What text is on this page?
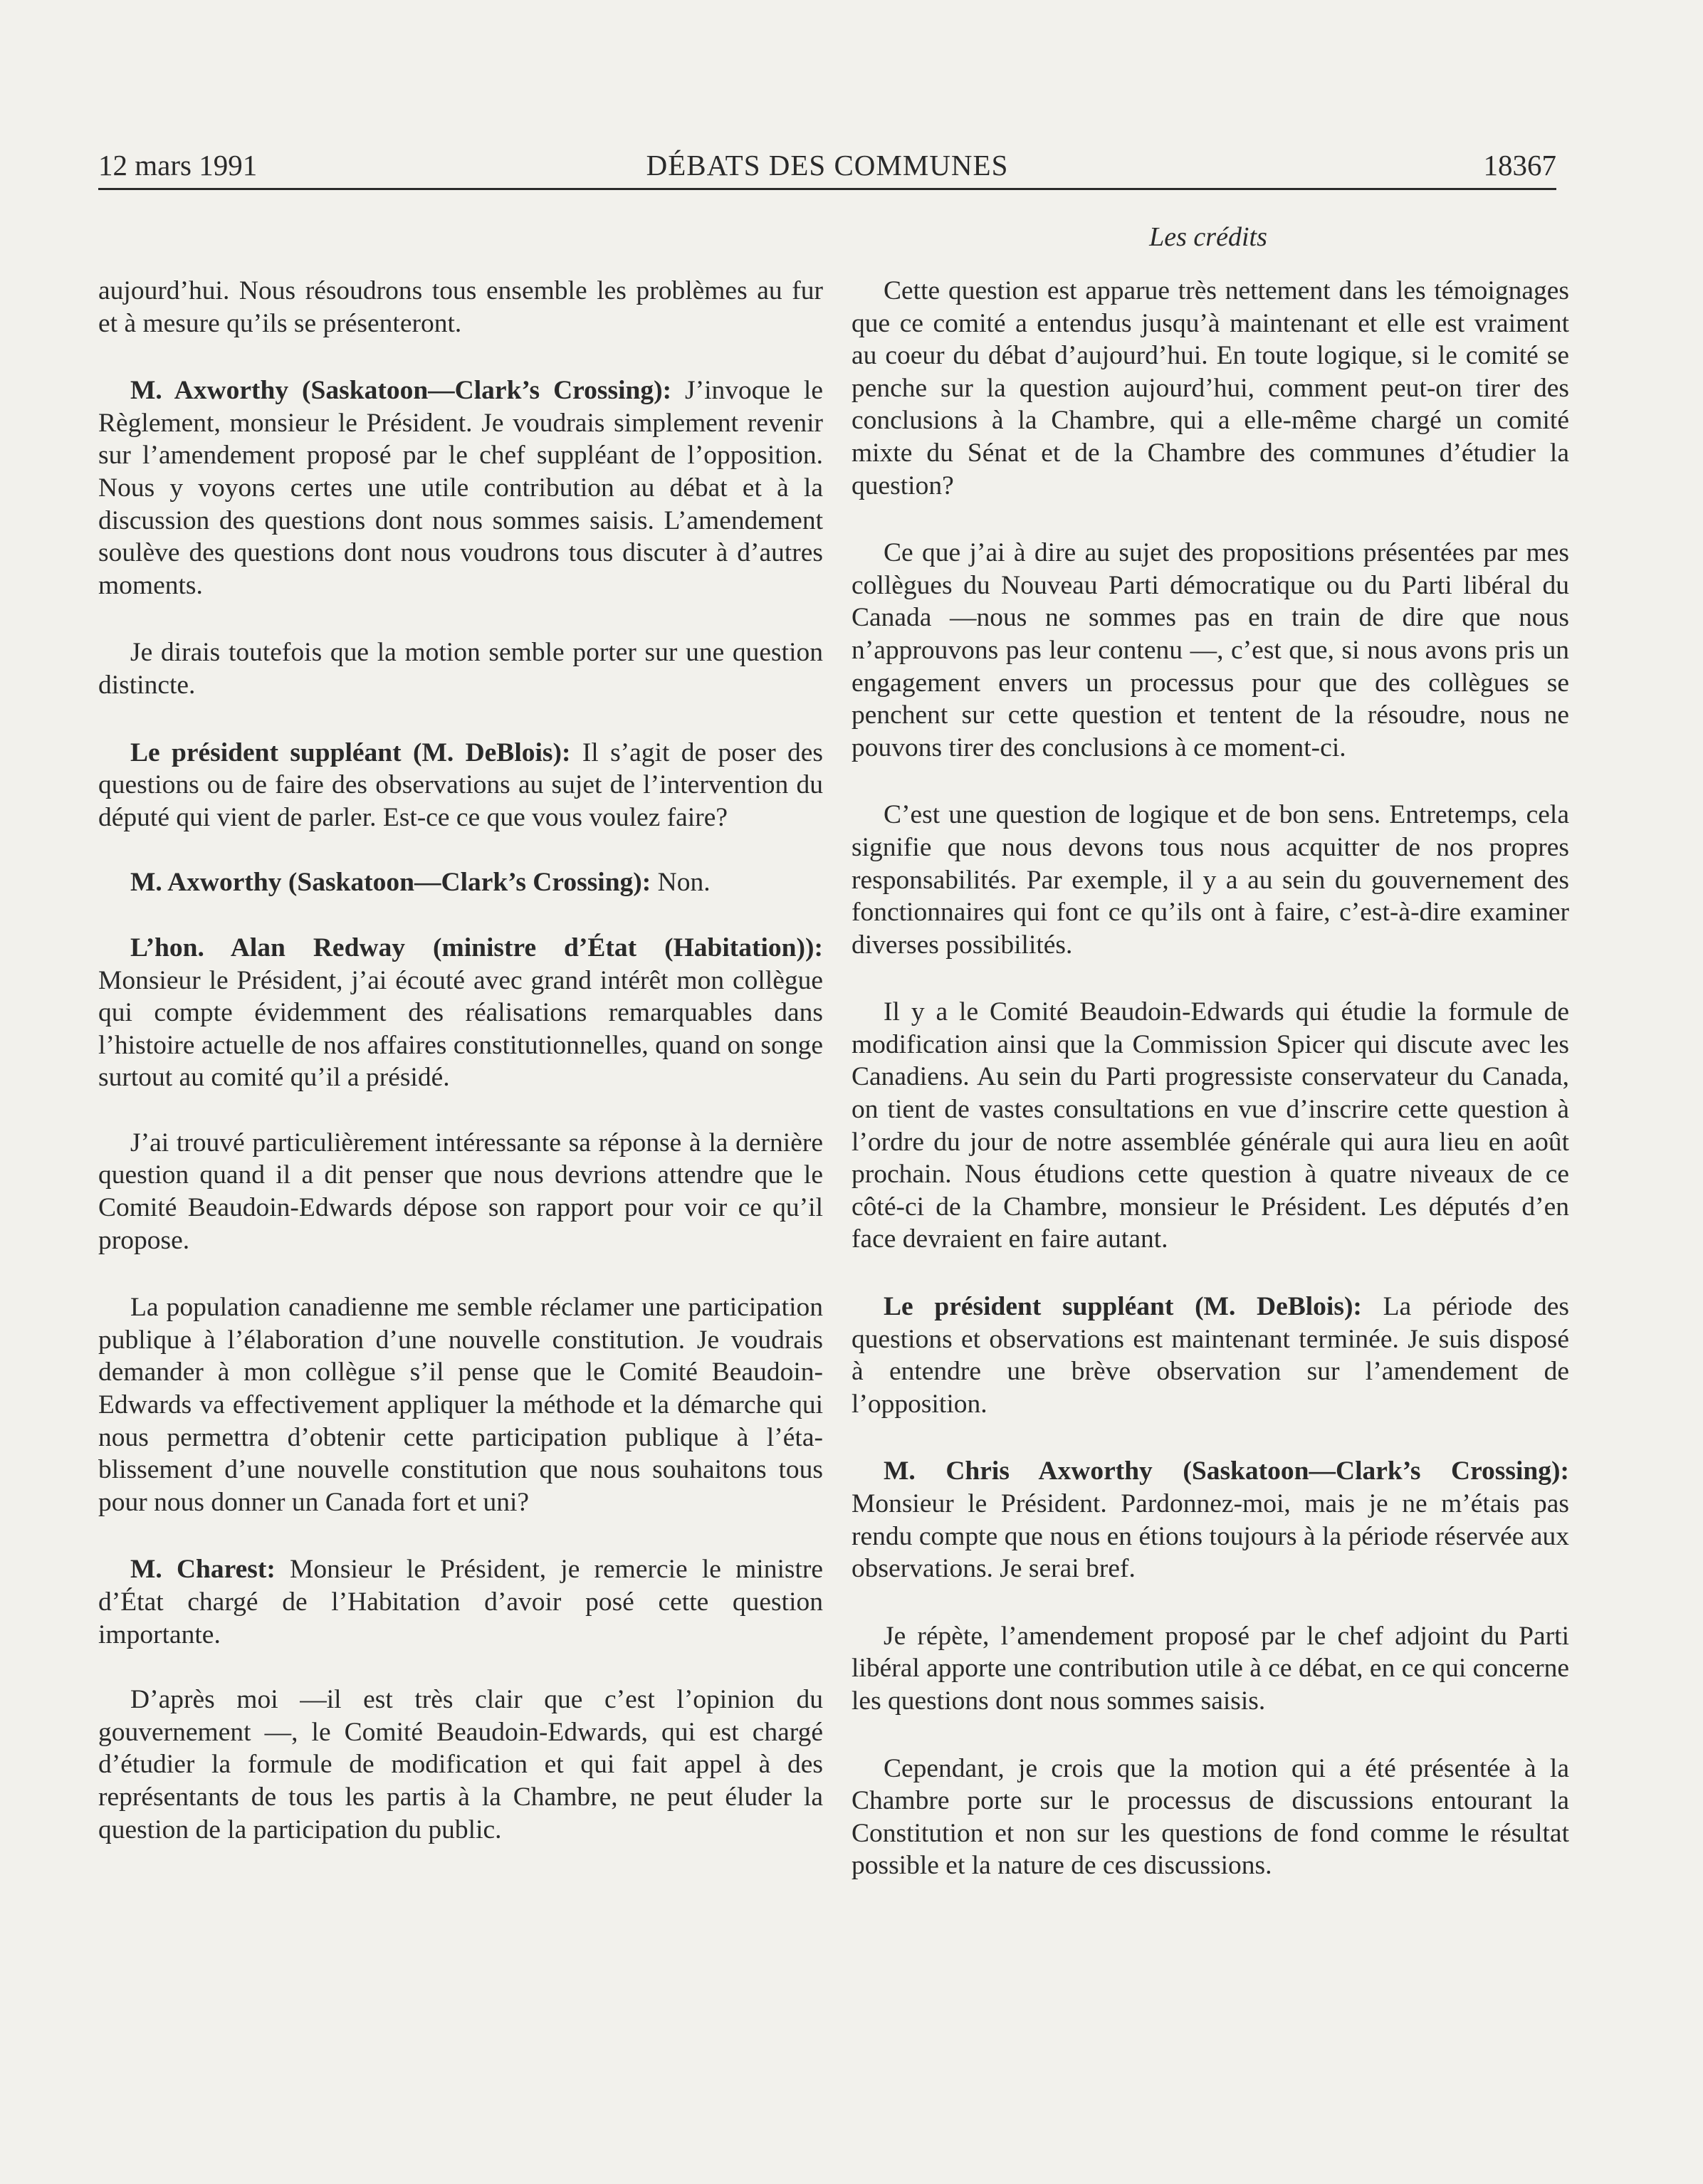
12 mars 1991	DÉBATS DES COMMUNES	18367
Les crédits

aujourd’hui. Nous résoudrons tous ensemble les problèmes au fur et à mesure qu’ils se présenteront.

M. Axworthy (Saskatoon—Clark’s Crossing): J’invoque le Règlement, monsieur le Président. Je voudrais simplement revenir sur l’amendement proposé par le chef suppléant de l’opposition. Nous y voyons certes une utile contribution au débat et à la discussion des questions dont nous sommes saisis. L’amendement soulève des questions dont nous voudrons tous discuter à d’autres moments.

Je dirais toutefois que la motion semble porter sur une question distincte.

Le président suppléant (M. DeBlois): Il s’agit de poser des questions ou de faire des observations au sujet de l’intervention du député qui vient de parler. Est-ce ce que vous voulez faire?

M. Axworthy (Saskatoon—Clark’s Crossing): Non.

L’hon. Alan Redway (ministre d’État (Habitation)): Monsieur le Président, j’ai écouté avec grand intérêt mon collègue qui compte évidemment des réalisations remarquables dans l’histoire actuelle de nos affaires constitutionnelles, quand on songe surtout au comité qu’il a présidé.

J’ai trouvé particulièrement intéressante sa réponse à la dernière question quand il a dit penser que nous devrions attendre que le Comité Beaudoin-Edwards dépose son rapport pour voir ce qu’il propose.

La population canadienne me semble réclamer une participation publique à l’élaboration d’une nouvelle constitution. Je voudrais demander à mon collègue s’il pense que le Comité Beaudoin-Edwards va effectivement appliquer la méthode et la démarche qui nous permettra d’obtenir cette participation publique à l’établissement d’une nouvelle constitution que nous souhaitons tous pour nous donner un Canada fort et uni?

M. Charest: Monsieur le Président, je remercie le ministre d’État chargé de l’Habitation d’avoir posé cette question importante.

D’après moi —il est très clair que c’est l’opinion du gouvernement —, le Comité Beaudoin-Edwards, qui est chargé d’étudier la formule de modification et qui fait appel à des représentants de tous les partis à la Chambre, ne peut éluder la question de la participation du public.

Cette question est apparue très nettement dans les témoignages que ce comité a entendus jusqu’à maintenant et elle est vraiment au coeur du débat d’aujourd’hui. En toute logique, si le comité se penche sur la question aujourd’hui, comment peut-on tirer des conclusions à la Chambre, qui a elle-même chargé un comité mixte du Sénat et de la Chambre des communes d’étudier la question?

Ce que j’ai à dire au sujet des propositions présentées par mes collègues du Nouveau Parti démocratique ou du Parti libéral du Canada —nous ne sommes pas en train de dire que nous n’approuvons pas leur contenu —, c’est que, si nous avons pris un engagement envers un processus pour que des collègues se penchent sur cette question et tentent de la résoudre, nous ne pouvons tirer des conclusions à ce moment-ci.

C’est une question de logique et de bon sens. Entretemps, cela signifie que nous devons tous nous acquitter de nos propres responsabilités. Par exemple, il y a au sein du gouvernement des fonctionnaires qui font ce qu’ils ont à faire, c’est-à-dire examiner diverses possibilités.

Il y a le Comité Beaudoin-Edwards qui étudie la formule de modification ainsi que la Commission Spicer qui discute avec les Canadiens. Au sein du Parti progressiste conservateur du Canada, on tient de vastes consultations en vue d’inscrire cette question à l’ordre du jour de notre assemblée générale qui aura lieu en août prochain. Nous étudions cette question à quatre niveaux de ce côté-ci de la Chambre, monsieur le Président. Les députés d’en face devraient en faire autant.

Le président suppléant (M. DeBlois): La période des questions et observations est maintenant terminée. Je suis disposé à entendre une brève observation sur l’amendement de l’opposition.

M. Chris Axworthy (Saskatoon—Clark’s Crossing): Monsieur le Président. Pardonnez-moi, mais je ne m’étais pas rendu compte que nous en étions toujours à la période réservée aux observations. Je serai bref.

Je répète, l’amendement proposé par le chef adjoint du Parti libéral apporte une contribution utile à ce débat, en ce qui concerne les questions dont nous sommes saisis.

Cependant, je crois que la motion qui a été présentée à la Chambre porte sur le processus de discussions entourant la Constitution et non sur les questions de fond comme le résultat possible et la nature de ces discussions.
